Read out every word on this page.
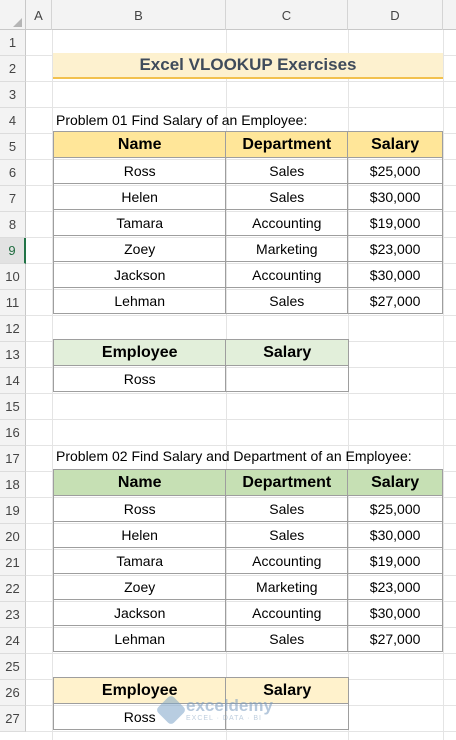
A	B	C	D
1
2
3
4
5
6
7
8
9
10
11
12
13
14
15
16
17
18
19
20
21
22
23
24
25
26
27
Excel VLOOKUP Exercises
Problem 01 Find Salary of an Employee:
Name	Department	Salary
Ross	Sales	$25,000
Helen	Sales	$30,000
Tamara	Accounting	$19,000
Zoey	Marketing	$23,000
Jackson	Accounting	$30,000
Lehman	Sales	$27,000
Employee	Salary
Ross	
Problem 02 Find Salary and Department of an Employee:
Name	Department	Salary
Ross	Sales	$25,000
Helen	Sales	$30,000
Tamara	Accounting	$19,000
Zoey	Marketing	$23,000
Jackson	Accounting	$30,000
Lehman	Sales	$27,000
Employee	Salary
Ross	
exceldemy
EXCEL · DATA · BI
